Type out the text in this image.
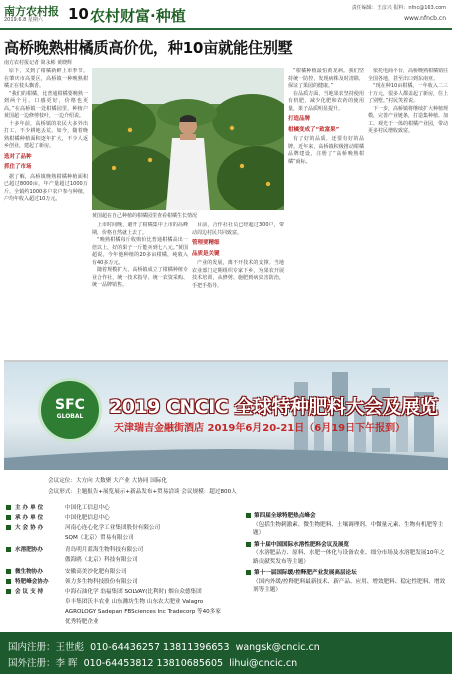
南方农村报
2019.6.8 星期六 10 农村财富·种植	责任编辑：王彦兴 报料：nfnc@163.com
www.nfncb.cn
高桥晚熟柑橘质高价优，种10亩就能住别墅
南方农村报记者 简永彬 黄晓辉

原下，又到了柑橘新鲜上市季节。在肇庆市高要区，高桥镇一种晚熟柑橘正在枝头飘香。

“我们的柑橘，比普通柑橘要晚熟一到两个月，口感更好，价格也更高。”在高桥镇一处柑橘园里，种植户黄国超一边修剪枝叶，一边介绍说。

十多年前，高桥镇的农民大多外出打工，不少耕地丢荒。如今，随着晚熟柑橘种植面积逐年扩大，不少人返乡创业，建起了新房。

选对了品种
抓住了市场

据了解，高桥镇晚熟柑橘种植面积已超过8000亩，年产量超过1000万斤，全镇约1000多户农户参与种植，户均年收入超过10万元。

黄国超在自己种植的柑橘园里查看柑橘生长情况

上市时间晚，避开了柑橘集中上市的高峰期，价格自然就上去了。

“晚熟柑橘每斤收购价比普通柑橘高出一倍以上，好的果子一斤能卖到七八元。”黄国超说。今年他种植的20多亩柑橘，纯收入有40多万元。

随着规模扩大，高桥镇成立了柑橘种植专业合作社，统一技术指导、统一农资采购、统一品牌销售。

目前，合作社社员已经超过300户，带动周边村民共同致富。

管理要精细
品质是关键

产业的发展，离不开技术的支撑。当地农业部门定期组织专家下乡，为果农开展技术培训，从修剪、施肥到病虫害防治，手把手指导。

“柑橘种植最怕黄龙病。我们坚持统一防控，发现病株及时清除，保证了果园的健康。”

在品质方面，当地果农坚持使用有机肥，减少化肥和农药的使用量，果子品质明显提升。

打造品牌
柑橘变成了“致富果”

有了好的品质，还要有好的品牌。近年来，高桥镇积极推动柑橘品牌建设，注册了“高桥晚熟柑橘”商标。

依托电商平台，高桥晚熟柑橘销往全国各地，甚至出口到东南亚。

“现在种10亩柑橘，一年收入二三十万元，很多人都盖起了新房，住上了别墅。”村民笑着说。

下一步，高桥镇将继续扩大种植规模，完善产业链条，打造集种植、加工、观光于一体的柑橘产业园，带动更多村民增收致富。

SFC
GLOBAL	2019 CNCIC 全球特种肥料大会及展览
天津瑞吉金融街酒店 2019年6月20-21日（6月19日下午报到）
会议定位：大方向 大数聚 大产业 大协同 国际化
会议形式：主题报告+展览展示+新品发布+贸易洽谈 会议规模：超过800人
主 办 单 位	中国化工信息中心
承 办 单 位	中国化肥信息中心
大 会 协 办	河南心连心化学工业集团股份有限公司
SQM（北京）贸易有限公司
水溶肥协办	青岛明月蓝海生物科技有限公司
傲海鸥（北京）科技有限公司
微生物协办	安徽高美沙化肥有限公司
特肥峰会协办	领力多生物科技股份有限公司
会 议 支 持	中海石油化学 翁福集团 SOLVAY(比利时) 烟台众德集团
阜丰集团沃丰农业 山东潍坊生物 山东农大肥业 Valagro
AGROLOGY Sadepan FBSciences Inc Tradecorp 等40多家
优秀特肥企业
第四届全球特肥热点峰会
（包括生物刺激素、微生物肥料、土壤调理剂、中微量元素、生物有机肥等主题）
第十届中国国际水溶性肥料会议及展览
（水溶肥品方、原料、水肥一体化与设备农业、细分市场及水溶肥发展10年之路贡献奖发布等主题）
第十一届国际缓/控释肥产业发展高层论坛
（国内外缓/控释肥料最新技术、新产品、应用、增效肥料、稳定性肥料、增效剂等主题）
国内注册：王世彪 010-64436257 13811396653 wangsk@cncic.cn
国外注册：李 晖 010-64453812 13810685605 lihui@cncic.cn
